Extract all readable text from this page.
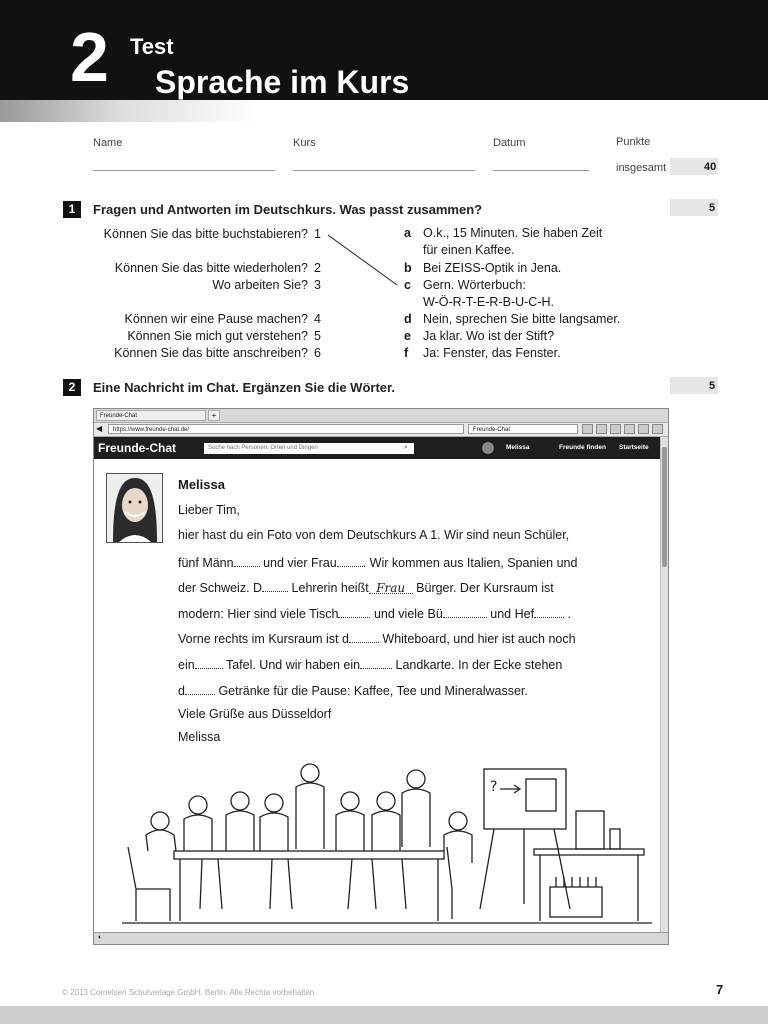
2 Test
Sprache im Kurs
Name	Kurs	Datum	Punkte
insgesamt	40
1	Fragen und Antworten im Deutschkurs. Was passt zusammen?	5
Können Sie das bitte buchstabieren? 1
Können Sie das bitte wiederholen? 2
Wo arbeiten Sie? 3
Können wir eine Pause machen? 4
Können Sie mich gut verstehen? 5
Können Sie das bitte anschreiben? 6
a O.k., 15 Minuten. Sie haben Zeit
für einen Kaffee.
b Bei ZEISS-Optik in Jena.
c Gern. Wörterbuch:
W-Ö-R-T-E-R-B-U-C-H.
d Nein, sprechen Sie bitte langsamer.
e Ja klar. Wo ist der Stift?
f	Ja: Fenster, das Fenster.
2	Eine Nachricht im Chat. Ergänzen Sie die Wörter.	5
Freunde-Chat	+
◀	https://www.freunde-chat.de/	Freunde-Chat
Freunde-Chat	Suche nach Personen, Orten und Dingen	⌕	Melissa	Freunde finden Startseite
Melissa
Lieber Tim,
hier hast du ein Foto von dem Deutschkurs A 1. Wir sind neun Schüler,
fünf Männ und vier Frau . Wir kommen aus Italien, Spanien und
der Schweiz. D Lehrerin heißt Frau Bürger. Der Kursraum ist
modern: Hier sind viele Tisch	und viele Bü	und Hef	.
Vorne rechts im Kursraum ist d	Whiteboard, und hier ist auch noch
ein	Tafel. Und wir haben ein	Landkarte. In der Ecke stehen
d	Getränke für die Pause: Kaffee, Tee und Mineralwasser.
Viele Grüße aus Düsseldorf
Melissa
?
◐
© 2013 Cornelsen Schulverlage GmbH, Berlin. Alle Rechte vorbehalten.	7
